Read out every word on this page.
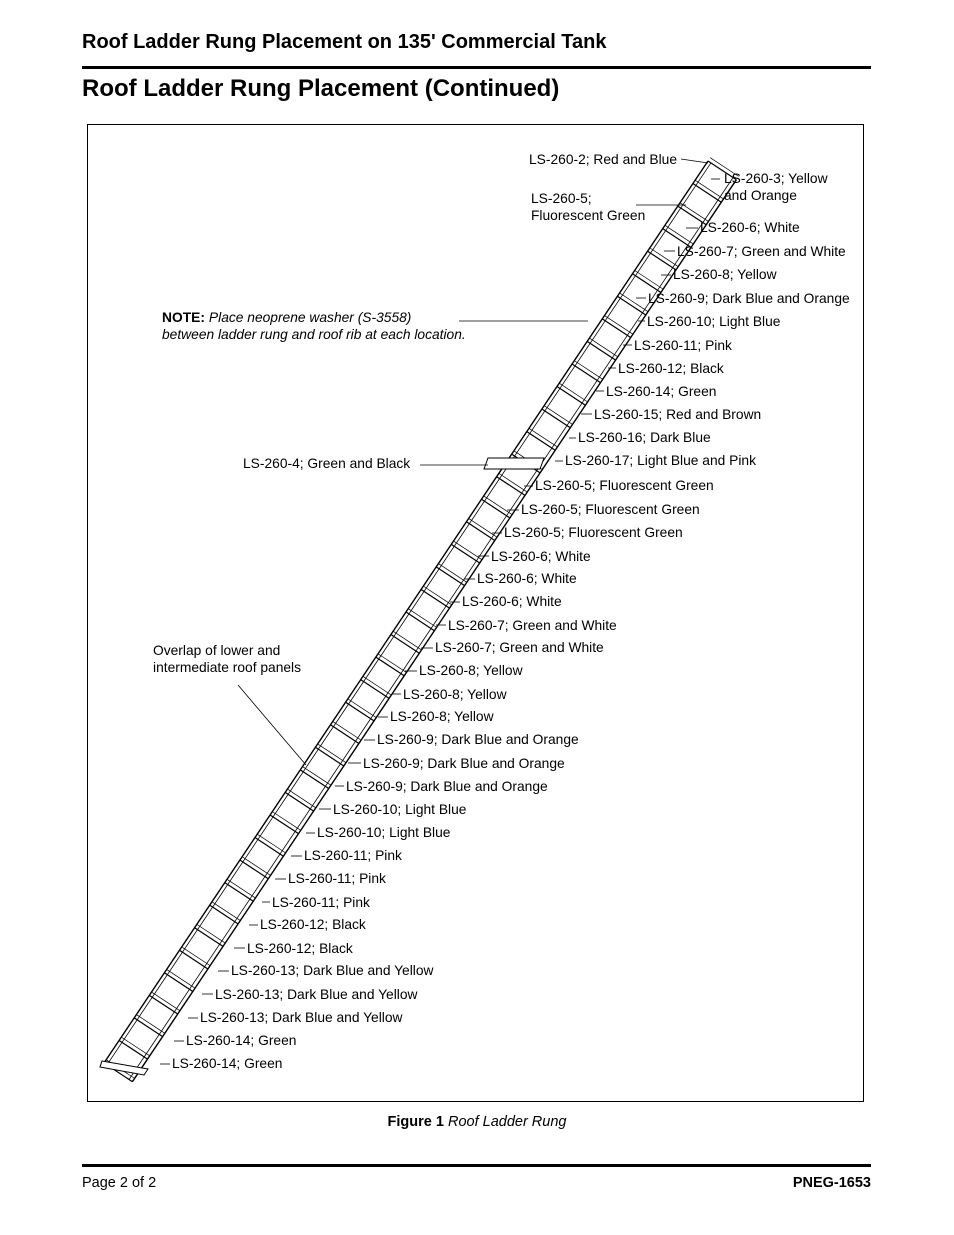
Roof Ladder Rung Placement on 135' Commercial Tank
Roof Ladder Rung Placement (Continued)
LS-260-2; Red and Blue
LS-260-3; Yellow
and Orange
LS-260-5;
Fluorescent Green
NOTE: Place neoprene washer (S-3558)
between ladder rung and roof rib at each location.
LS-260-4; Green and Black
Overlap of lower and
intermediate roof panels
LS-260-6; White
LS-260-7; Green and White
LS-260-8; Yellow
LS-260-9; Dark Blue and Orange
LS-260-10; Light Blue
LS-260-11; Pink
LS-260-12; Black
LS-260-14; Green
LS-260-15; Red and Brown
LS-260-16; Dark Blue
LS-260-17; Light Blue and Pink
LS-260-5; Fluorescent Green
LS-260-5; Fluorescent Green
LS-260-5; Fluorescent Green
LS-260-6; White
LS-260-6; White
LS-260-6; White
LS-260-7; Green and White
LS-260-7; Green and White
LS-260-8; Yellow
LS-260-8; Yellow
LS-260-8; Yellow
LS-260-9; Dark Blue and Orange
LS-260-9; Dark Blue and Orange
LS-260-9; Dark Blue and Orange
LS-260-10; Light Blue
LS-260-10; Light Blue
LS-260-11; Pink
LS-260-11; Pink
LS-260-11; Pink
LS-260-12; Black
LS-260-12; Black
LS-260-13; Dark Blue and Yellow
LS-260-13; Dark Blue and Yellow
LS-260-13; Dark Blue and Yellow
LS-260-14; Green
LS-260-14; Green
Figure 1 Roof Ladder Rung
Page 2 of 2	PNEG-1653
